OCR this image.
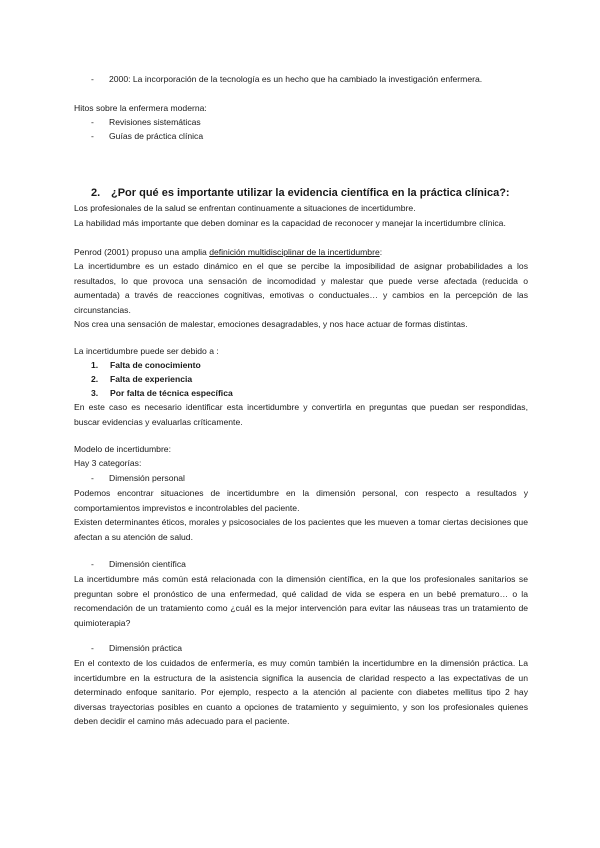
- 2000: La incorporación de la tecnología es un hecho que ha cambiado la investigación enfermera.
Hitos sobre la enfermera moderna:
- Revisiones sistemáticas
- Guías de práctica clínica
2. ¿Por qué es importante utilizar la evidencia científica en la práctica clínica?:
Los profesionales de la salud se enfrentan continuamente a situaciones de incertidumbre.
La habilidad más importante que deben dominar es la capacidad de reconocer y manejar la incertidumbre clínica.
Penrod (2001) propuso una amplia definición multidisciplinar de la incertidumbre:
La incertidumbre es un estado dinámico en el que se percibe la imposibilidad de asignar probabilidades a los resultados, lo que provoca una sensación de incomodidad y malestar que puede verse afectada (reducida o aumentada) a través de reacciones cognitivas, emotivas o conductuales… y cambios en la percepción de las circunstancias.
Nos crea una sensación de malestar, emociones desagradables, y nos hace actuar de formas distintas.
La incertidumbre puede ser debido a :
1. Falta de conocimiento
2. Falta de experiencia
3. Por falta de técnica específica
En este caso es necesario identificar esta incertidumbre y convertirla en preguntas que puedan ser respondidas, buscar evidencias y evaluarlas críticamente.
Modelo de incertidumbre:
Hay 3 categorías:
- Dimensión personal
Podemos encontrar situaciones de incertidumbre en la dimensión personal, con respecto a resultados y comportamientos imprevistos e incontrolables del paciente.
Existen determinantes éticos, morales y psicosociales de los pacientes que les mueven a tomar ciertas decisiones que afectan a su atención de salud.
- Dimensión científica
La incertidumbre más común está relacionada con la dimensión científica, en la que los profesionales sanitarios se preguntan sobre el pronóstico de una enfermedad, qué calidad de vida se espera en un bebé prematuro… o la recomendación de un tratamiento como ¿cuál es la mejor intervención para evitar las náuseas tras un tratamiento de quimioterapia?
- Dimensión práctica
En el contexto de los cuidados de enfermería, es muy común también la incertidumbre en la dimensión práctica. La incertidumbre en la estructura de la asistencia significa la ausencia de claridad respecto a las expectativas de un determinado enfoque sanitario. Por ejemplo, respecto a la atención al paciente con diabetes mellitus tipo 2 hay diversas trayectorias posibles en cuanto a opciones de tratamiento y seguimiento, y son los profesionales quienes deben decidir el camino más adecuado para el paciente.
